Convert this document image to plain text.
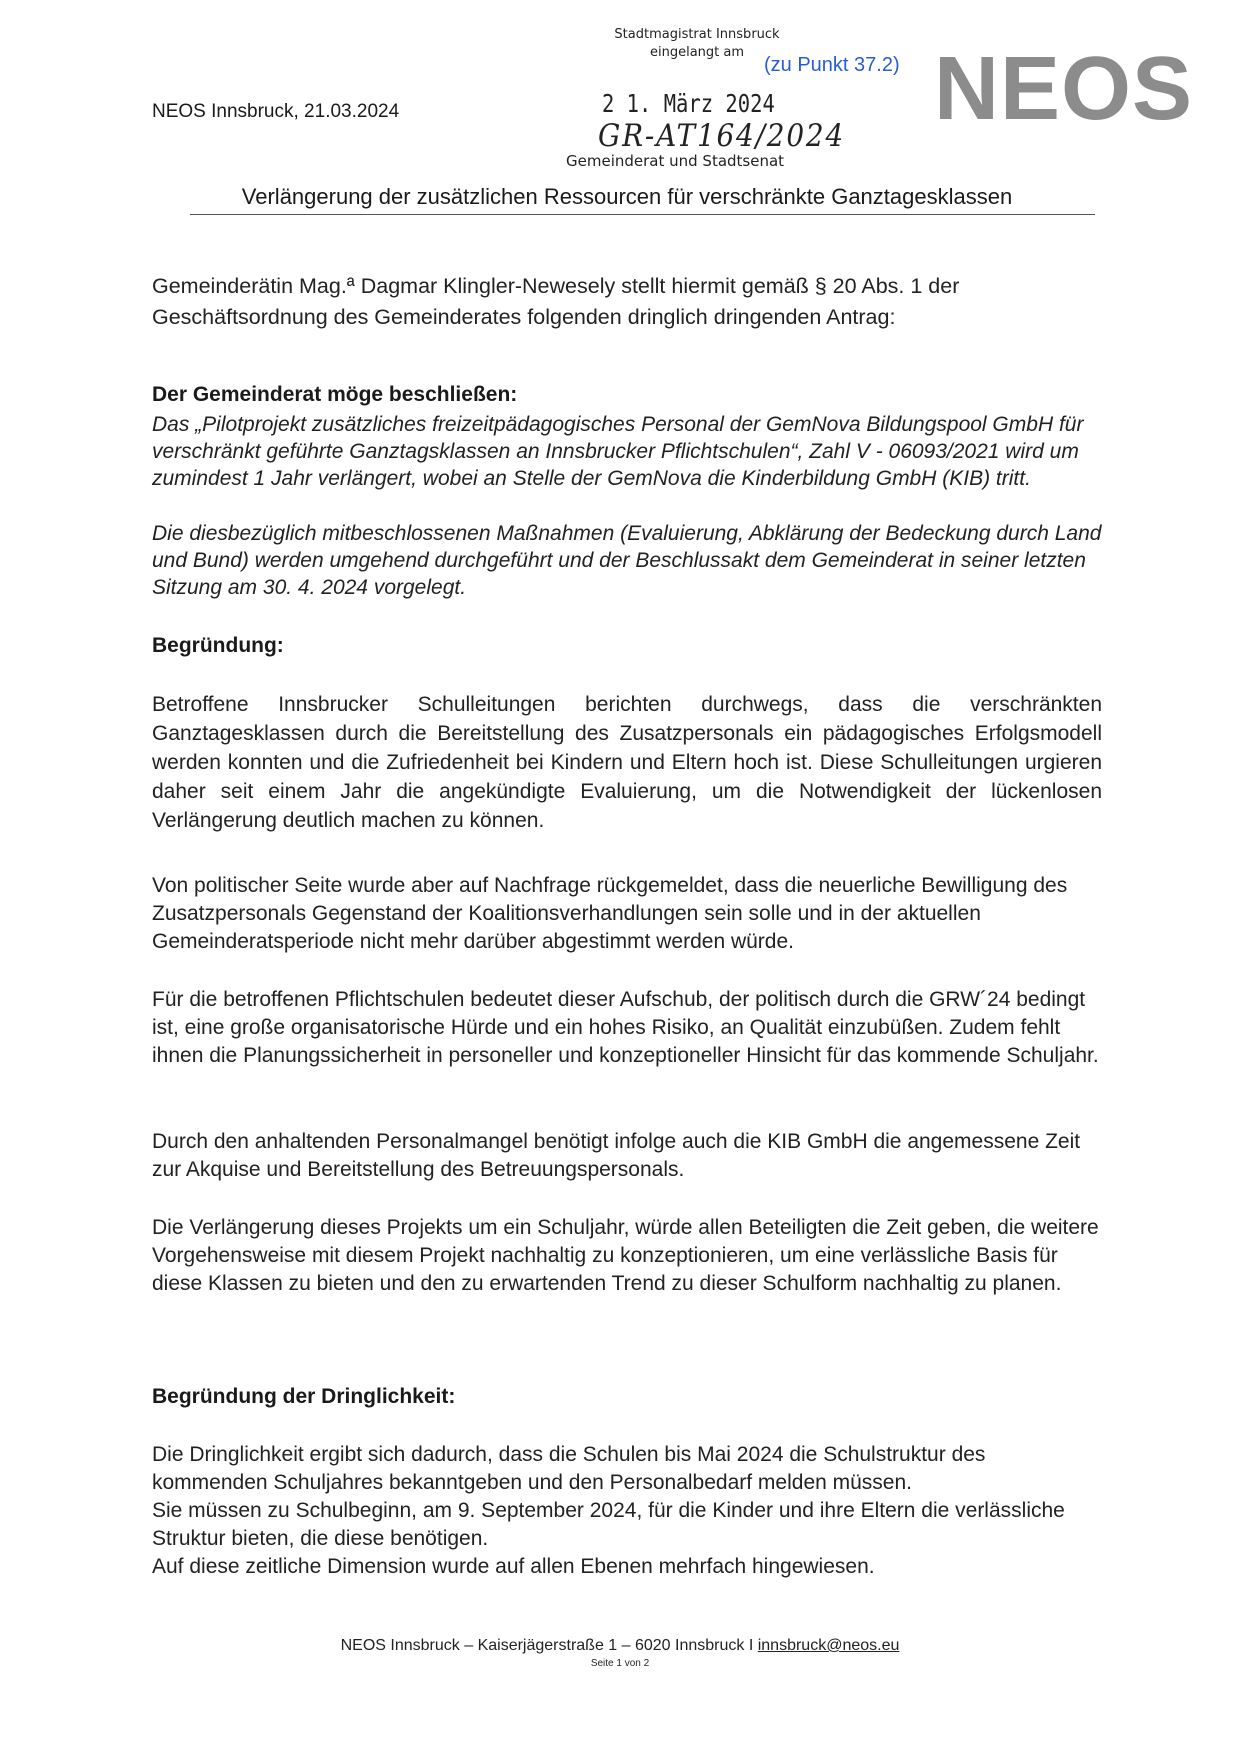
Stadtmagistrat Innsbruck
eingelangt am
(zu Punkt 37.2) NEOS
NEOS Innsbruck, 21.03.2024	2 1. März 2024
GR-AT164/2024
Gemeinderat und Stadtsenat
Verlängerung der zusätzlichen Ressourcen für verschränkte Ganztagesklassen

Gemeinderätin Mag.ª Dagmar Klingler-Newesely stellt hiermit gemäß § 20 Abs. 1 der Geschäftsordnung des Gemeinderates folgenden dringlich dringenden Antrag:

Der Gemeinderat möge beschließen:

Das „Pilotprojekt zusätzliches freizeitpädagogisches Personal der GemNova Bildungspool GmbH für verschränkt geführte Ganztagsklassen an Innsbrucker Pflichtschulen“, Zahl V - 06093/2021 wird um zumindest 1 Jahr verlängert, wobei an Stelle der GemNova die Kinderbildung GmbH (KIB) tritt.

Die diesbezüglich mitbeschlossenen Maßnahmen (Evaluierung, Abklärung der Bedeckung durch Land und Bund) werden umgehend durchgeführt und der Beschlussakt dem Gemeinderat in seiner letzten Sitzung am 30. 4. 2024 vorgelegt.

Begründung:

Betroffene Innsbrucker Schulleitungen berichten durchwegs, dass die verschränkten Ganztagesklassen durch die Bereitstellung des Zusatzpersonals ein pädagogisches Erfolgsmodell werden konnten und die Zufriedenheit bei Kindern und Eltern hoch ist. Diese Schulleitungen urgieren daher seit einem Jahr die angekündigte Evaluierung, um die Notwendigkeit der lückenlosen Verlängerung deutlich machen zu können.

Von politischer Seite wurde aber auf Nachfrage rückgemeldet, dass die neuerliche Bewilligung des Zusatzpersonals Gegenstand der Koalitionsverhandlungen sein solle und in der aktuellen Gemeinderatsperiode nicht mehr darüber abgestimmt werden würde.

Für die betroffenen Pflichtschulen bedeutet dieser Aufschub, der politisch durch die GRW´24 bedingt ist, eine große organisatorische Hürde und ein hohes Risiko, an Qualität einzubüßen. Zudem fehlt ihnen die Planungssicherheit in personeller und konzeptioneller Hinsicht für das kommende Schuljahr.

Durch den anhaltenden Personalmangel benötigt infolge auch die KIB GmbH die angemessene Zeit zur Akquise und Bereitstellung des Betreuungspersonals.

Die Verlängerung dieses Projekts um ein Schuljahr, würde allen Beteiligten die Zeit geben, die weitere Vorgehensweise mit diesem Projekt nachhaltig zu konzeptionieren, um eine verlässliche Basis für diese Klassen zu bieten und den zu erwartenden Trend zu dieser Schulform nachhaltig zu planen.

Begründung der Dringlichkeit:

Die Dringlichkeit ergibt sich dadurch, dass die Schulen bis Mai 2024 die Schulstruktur des kommenden Schuljahres bekanntgeben und den Personalbedarf melden müssen.

Sie müssen zu Schulbeginn, am 9. September 2024, für die Kinder und ihre Eltern die verlässliche Struktur bieten, die diese benötigen.

Auf diese zeitliche Dimension wurde auf allen Ebenen mehrfach hingewiesen.

NEOS Innsbruck – Kaiserjägerstraße 1 – 6020 Innsbruck I innsbruck@neos.eu
Seite 1 von 2
